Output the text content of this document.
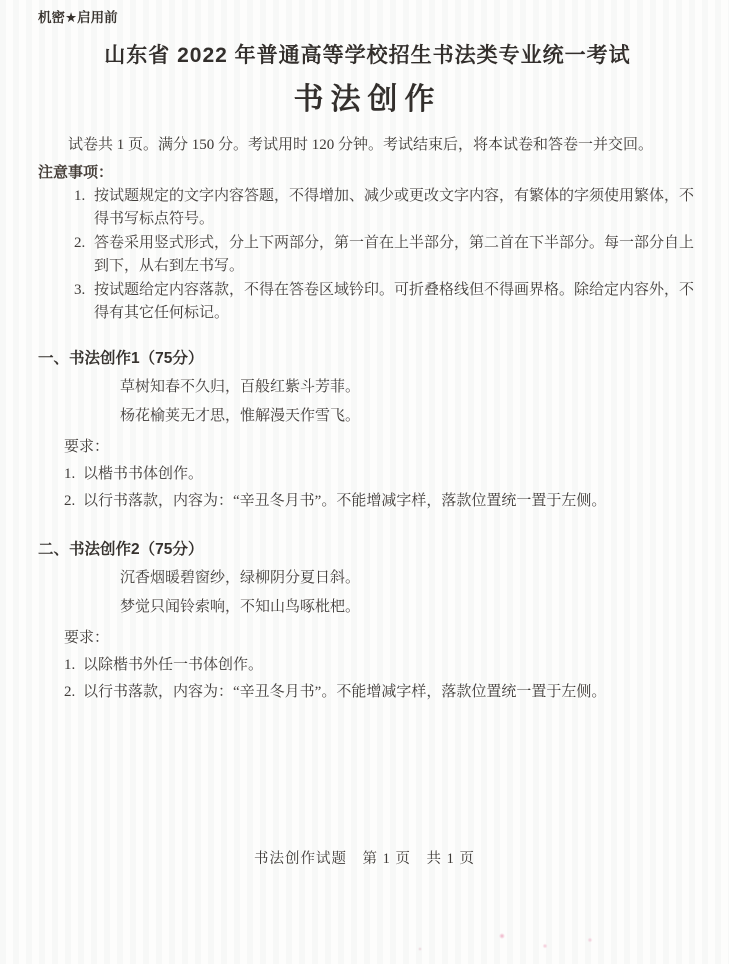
机密★启用前
山东省 2022 年普通高等学校招生书法类专业统一考试
书法创作

试卷共 1 页。满分 150 分。考试用时 120 分钟。考试结束后，将本试卷和答卷一并交回。

注意事项：
1. 按试题规定的文字内容答题，不得增加、减少或更改文字内容，有繁体的字须使用繁体，不得书写标点符号。
2. 答卷采用竖式形式，分上下两部分，第一首在上半部分，第二首在下半部分。每一部分自上到下，从右到左书写。
3. 按试题给定内容落款，不得在答卷区域钤印。可折叠格线但不得画界格。除给定内容外，不得有其它任何标记。
一、书法创作1（75分）
草树知春不久归，百般红紫斗芳菲。
杨花榆荚无才思，惟解漫天作雪飞。
要求：
1. 以楷书书体创作。
2. 以行书落款，内容为：“辛丑冬月书”。不能增减字样，落款位置统一置于左侧。
二、书法创作2（75分）
沉香烟暖碧窗纱，绿柳阴分夏日斜。
梦觉只闻铃索响，不知山鸟啄枇杷。
要求：
1. 以除楷书外任一书体创作。
2. 以行书落款，内容为：“辛丑冬月书”。不能增减字样，落款位置统一置于左侧。
书法创作试题　第 1 页　共 1 页
